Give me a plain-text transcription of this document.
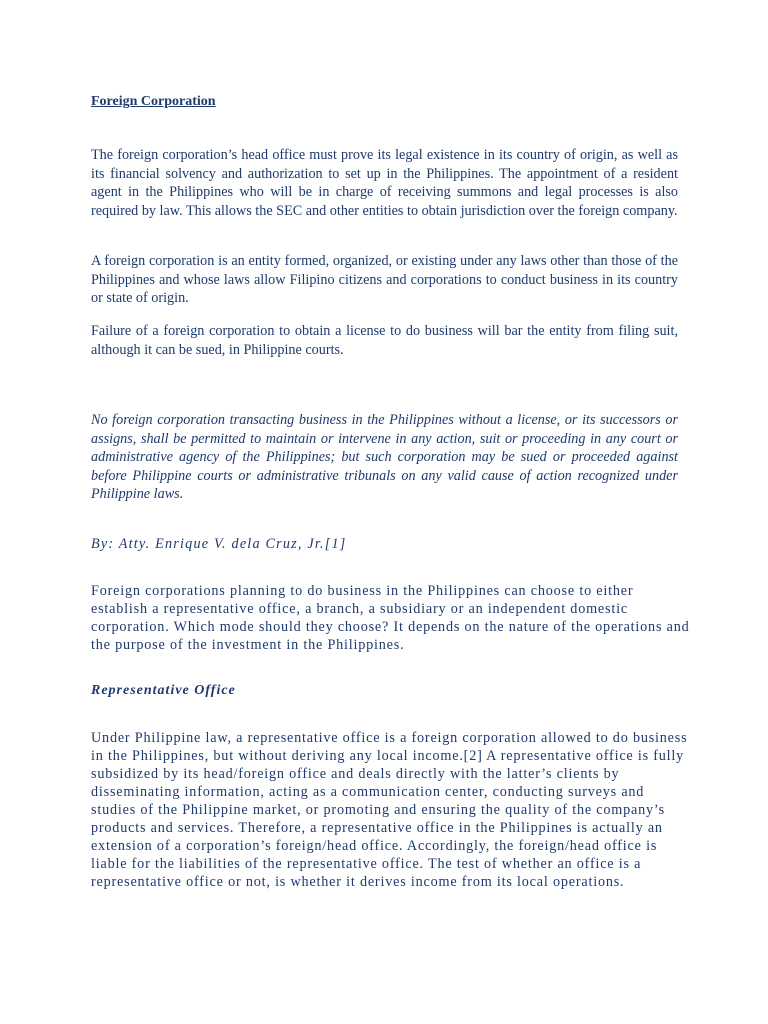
Foreign Corporation

The foreign corporation’s head office must prove its legal existence in its country of origin, as well as its financial solvency and authorization to set up in the Philippines. The appointment of a resident agent in the Philippines who will be in charge of receiving summons and legal processes is also required by law. This allows the SEC and other entities to obtain jurisdiction over the foreign company.

A foreign corporation is an entity formed, organized, or existing under any laws other than those of the Philippines and whose laws allow Filipino citizens and corporations to conduct business in its country or state of origin.

Failure of a foreign corporation to obtain a license to do business will bar the entity from filing suit, although it can be sued, in Philippine courts.

No foreign corporation transacting business in the Philippines without a license, or its successors or assigns, shall be permitted to maintain or intervene in any action, suit or proceeding in any court or administrative agency of the Philippines; but such corporation may be sued or proceeded against before Philippine courts or administrative tribunals on any valid cause of action recognized under Philippine laws.

By: Atty. Enrique V. dela Cruz, Jr.[1]

Foreign corporations planning to do business in the Philippines can choose to either establish a representative office, a branch, a subsidiary or an independent domestic corporation. Which mode should they choose? It depends on the nature of the operations and the purpose of the investment in the Philippines.

Representative Office

Under Philippine law, a representative office is a foreign corporation allowed to do business in the Philippines, but without deriving any local income.[2] A representative office is fully subsidized by its head/foreign office and deals directly with the latter’s clients by disseminating information, acting as a communication center, conducting surveys and studies of the Philippine market, or promoting and ensuring the quality of the company’s products and services. Therefore, a representative office in the Philippines is actually an extension of a corporation’s foreign/head office. Accordingly, the foreign/head office is liable for the liabilities of the representative office. The test of whether an office is a representative office or not, is whether it derives income from its local operations.
